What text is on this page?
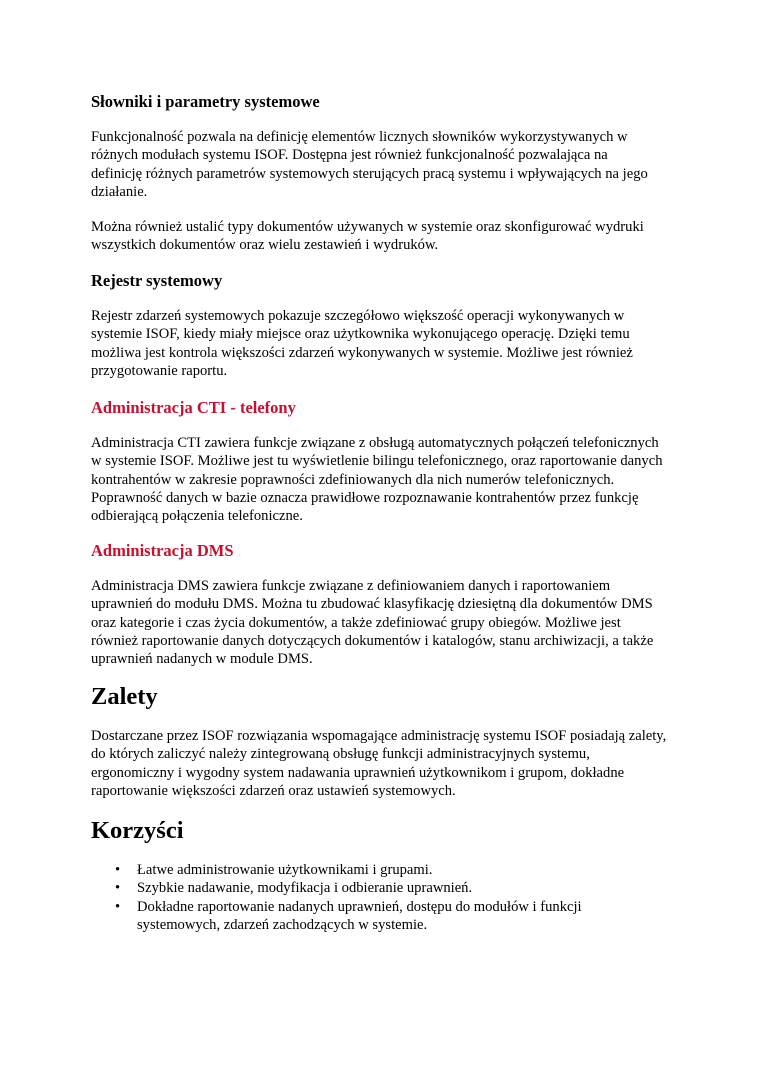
Słowniki i parametry systemowe

Funkcjonalność pozwala na definicję elementów licznych słowników wykorzystywanych w różnych modułach systemu ISOF. Dostępna jest również funkcjonalność pozwalająca na definicję różnych parametrów systemowych sterujących pracą systemu i wpływających na jego działanie.

Można również ustalić typy dokumentów używanych w systemie oraz skonfigurować wydruki wszystkich dokumentów oraz wielu zestawień i wydruków.

Rejestr systemowy

Rejestr zdarzeń systemowych pokazuje szczegółowo większość operacji wykonywanych w systemie ISOF, kiedy miały miejsce oraz użytkownika wykonującego operację. Dzięki temu możliwa jest kontrola większości zdarzeń wykonywanych w systemie. Możliwe jest również przygotowanie raportu.

Administracja CTI - telefony

Administracja CTI zawiera funkcje związane z obsługą automatycznych połączeń telefonicznych w systemie ISOF. Możliwe jest tu wyświetlenie bilingu telefonicznego, oraz raportowanie danych kontrahentów w zakresie poprawności zdefiniowanych dla nich numerów telefonicznych. Poprawność danych w bazie oznacza prawidłowe rozpoznawanie kontrahentów przez funkcję odbierającą połączenia telefoniczne.

Administracja DMS

Administracja DMS zawiera funkcje związane z definiowaniem danych i raportowaniem uprawnień do modułu DMS. Można tu zbudować klasyfikację dziesiętną dla dokumentów DMS oraz kategorie i czas życia dokumentów, a także zdefiniować grupy obiegów. Możliwe jest również raportowanie danych dotyczących dokumentów i katalogów, stanu archiwizacji, a także uprawnień nadanych w module DMS.

Zalety

Dostarczane przez ISOF rozwiązania wspomagające administrację systemu ISOF posiadają zalety, do których zaliczyć należy zintegrowaną obsługę funkcji administracyjnych systemu, ergonomiczny i wygodny system nadawania uprawnień użytkownikom i grupom, dokładne raportowanie większości zdarzeń oraz ustawień systemowych.

Korzyści
• Łatwe administrowanie użytkownikami i grupami.
• Szybkie nadawanie, modyfikacja i odbieranie uprawnień.
• Dokładne raportowanie nadanych uprawnień, dostępu do modułów i funkcji systemowych, zdarzeń zachodzących w systemie.
